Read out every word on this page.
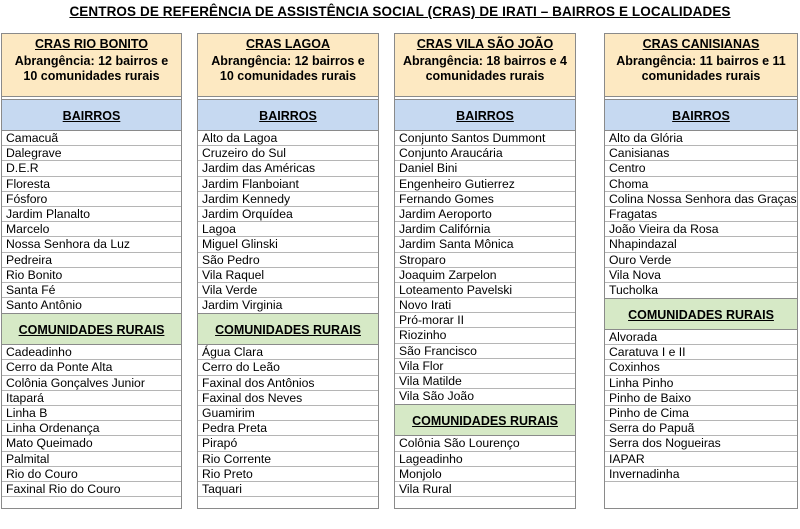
CENTROS DE REFERÊNCIA DE ASSISTÊNCIA SOCIAL (CRAS) DE IRATI – BAIRROS E LOCALIDADES
CRAS RIO BONITO
Abrangência: 12 bairros e 10 comunidades rurais
BAIRROS
Camacuã
Dalegrave
D.E.R
Floresta
Fósforo
Jardim Planalto
Marcelo
Nossa Senhora da Luz
Pedreira
Rio Bonito
Santa Fé
Santo Antônio
COMUNIDADES RURAIS
Cadeadinho
Cerro da Ponte Alta
Colônia Gonçalves Junior
Itapará
Linha B
Linha Ordenança
Mato Queimado
Palmital
Rio do Couro
Faxinal Rio do Couro
CRAS LAGOA
Abrangência: 12 bairros e 10 comunidades rurais
BAIRROS
Alto da Lagoa
Cruzeiro do Sul
Jardim das Américas
Jardim Flanboiant
Jardim Kennedy
Jardim Orquídea
Lagoa
Miguel Glinski
São Pedro
Vila Raquel
Vila Verde
Jardim Virginia
COMUNIDADES RURAIS
Água Clara
Cerro do Leão
Faxinal dos Antônios
Faxinal dos Neves
Guamirim
Pedra Preta
Pirapó
Rio Corrente
Rio Preto
Taquari
CRAS VILA SÃO JOÃO
Abrangência: 18 bairros e 4 comunidades rurais
BAIRROS
Conjunto Santos Dummont
Conjunto Araucária
Daniel Bini
Engenheiro Gutierrez
Fernando Gomes
Jardim Aeroporto
Jardim Califórnia
Jardim Santa Mônica
Stroparo
Joaquim Zarpelon
Loteamento Pavelski
Novo Irati
Pró-morar II
Riozinho
São Francisco
Vila Flor
Vila Matilde
Vila São João
COMUNIDADES RURAIS
Colônia São Lourenço
Lageadinho
Monjolo
Vila Rural
CRAS CANISIANAS
Abrangência: 11 bairros e 11 comunidades rurais
BAIRROS
Alto da Glória
Canisianas
Centro
Choma
Colina Nossa Senhora das Graças
Fragatas
João Vieira da Rosa
Nhapindazal
Ouro Verde
Vila Nova
Tucholka
COMUNIDADES RURAIS
Alvorada
Caratuva I e II
Coxinhos
Linha Pinho
Pinho de Baixo
Pinho de Cima
Serra do Papuã
Serra dos Nogueiras
IAPAR
Invernadinha
